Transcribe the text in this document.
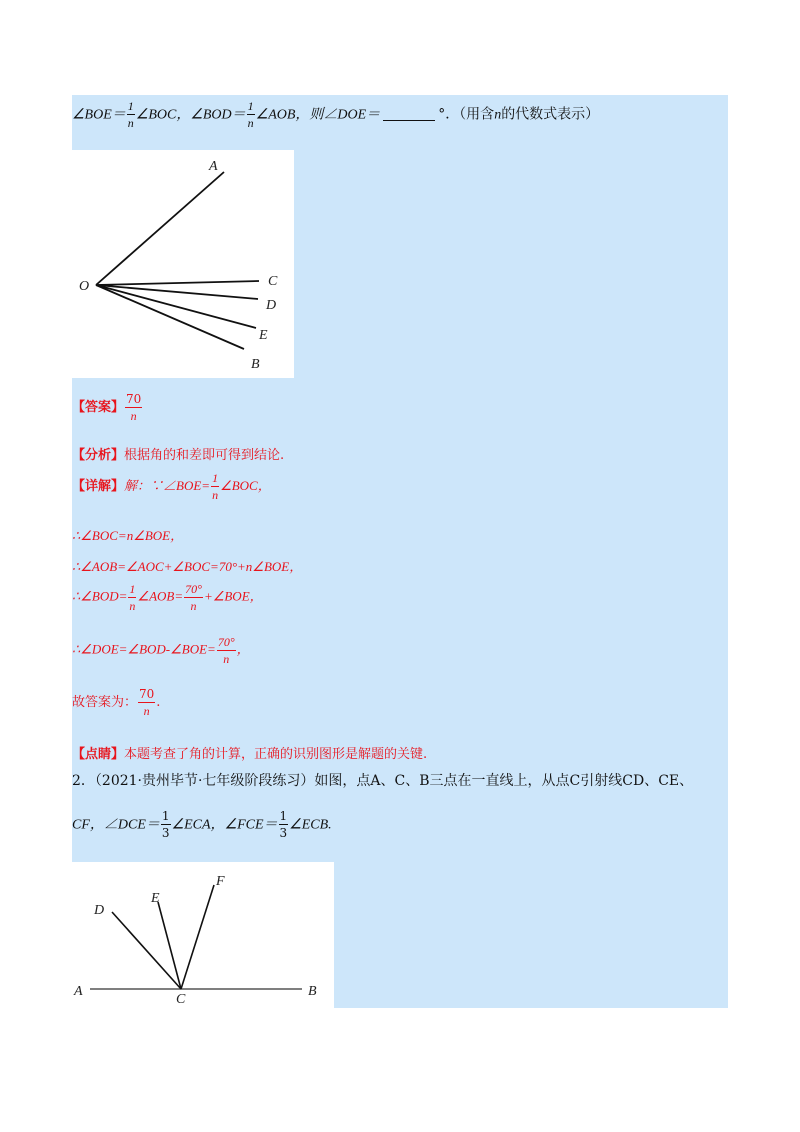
∠BOE＝ $\frac{1}{n}$ ∠BOC，∠BOD＝ $\frac{1}{n}$ ∠AOB，则∠DOE＝	°．（用含n的代数式表示）
A
O	C
D
E
B
【答案】 $\frac{70}{n}$
【分析】根据角的和差即可得到结论.
【详解】解：∵∠BOE= $\frac{1}{n}$ ∠BOC，
∴∠BOC=n∠BOE，
∴∠AOB=∠AOC+∠BOC=70°+n∠BOE，
∴∠BOD= $\frac{1}{n}$ ∠AOB= $\frac{70^\circ}{n}$ +∠BOE，
∴∠DOE=∠BOD-∠BOE= $\frac{70^\circ}{n}$ ，
故答案为： $\frac{70}{n}$ .
【点睛】本题考查了角的计算，正确的识别图形是解题的关键.
2．（2021·贵州毕节·七年级阶段练习）如图，点A、C、B三点在一直线上，从点C引射线CD、CE、
CF，∠DCE＝ $\frac{1}{3}$ ∠ECA，∠FCE＝ $\frac{1}{3}$ ∠ECB.
D
E
F
A
C
B
